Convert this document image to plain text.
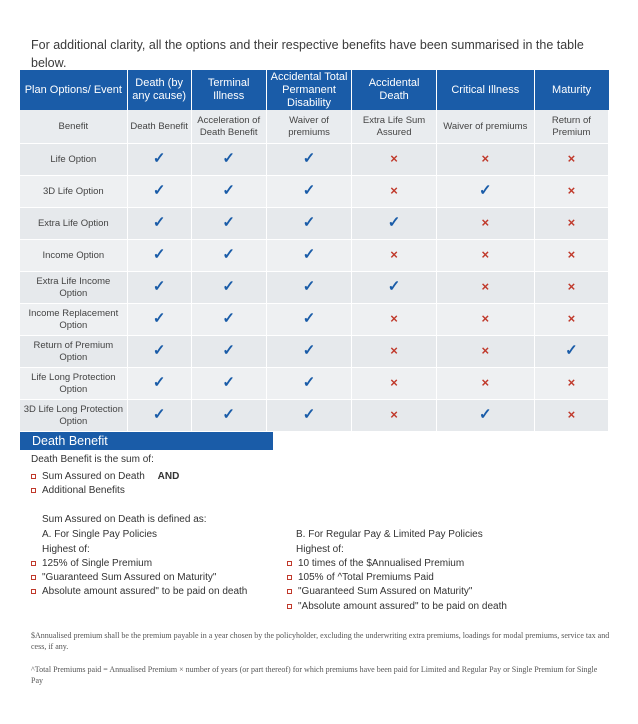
For additional clarity, all the options and their respective benefits have been summarised in the table below.
Plan Options/ Event	Death (by any cause)	Terminal Illness	Accidental Total Permanent Disability	Accidental Death	Critical Illness	Maturity
Benefit	Death Benefit	Acceleration of Death Benefit	Waiver of premiums	Extra Life Sum Assured	Waiver of premiums	Return of Premium
Life Option	✓	✓	✓	×	×	×
3D Life Option	✓	✓	✓	×	✓	×
Extra Life Option	✓	✓	✓	✓	×	×
Income Option	✓	✓	✓	×	×	×
Extra Life Income Option	✓	✓	✓	✓	×	×
Income Replacement Option	✓	✓	✓	×	×	×
Return of Premium Option	✓	✓	✓	×	×	✓
Life Long Protection Option	✓	✓	✓	×	×	×
3D Life Long Protection Option	✓	✓	✓	×	✓	×
Death Benefit
Death Benefit is the sum of:
Sum Assured on Death AND
Additional Benefits
Sum Assured on Death is defined as:
A. For Single Pay Policies
Highest of:
125% of Single Premium
"Guaranteed Sum Assured on Maturity"
Absolute amount assured" to be paid on death
B. For Regular Pay & Limited Pay Policies
Highest of:
10 times of the $Annualised Premium
105% of ^Total Premiums Paid
"Guaranteed Sum Assured on Maturity"
"Absolute amount assured" to be paid on death
$Annualised premium shall be the premium payable in a year chosen by the policyholder, excluding the underwriting extra premiums, loadings for modal premiums, service tax and cess, if any.
^Total Premiums paid = Annualised Premium × number of years (or part thereof) for which premiums have been paid for Limited and Regular Pay or Single Premium for Single Pay
